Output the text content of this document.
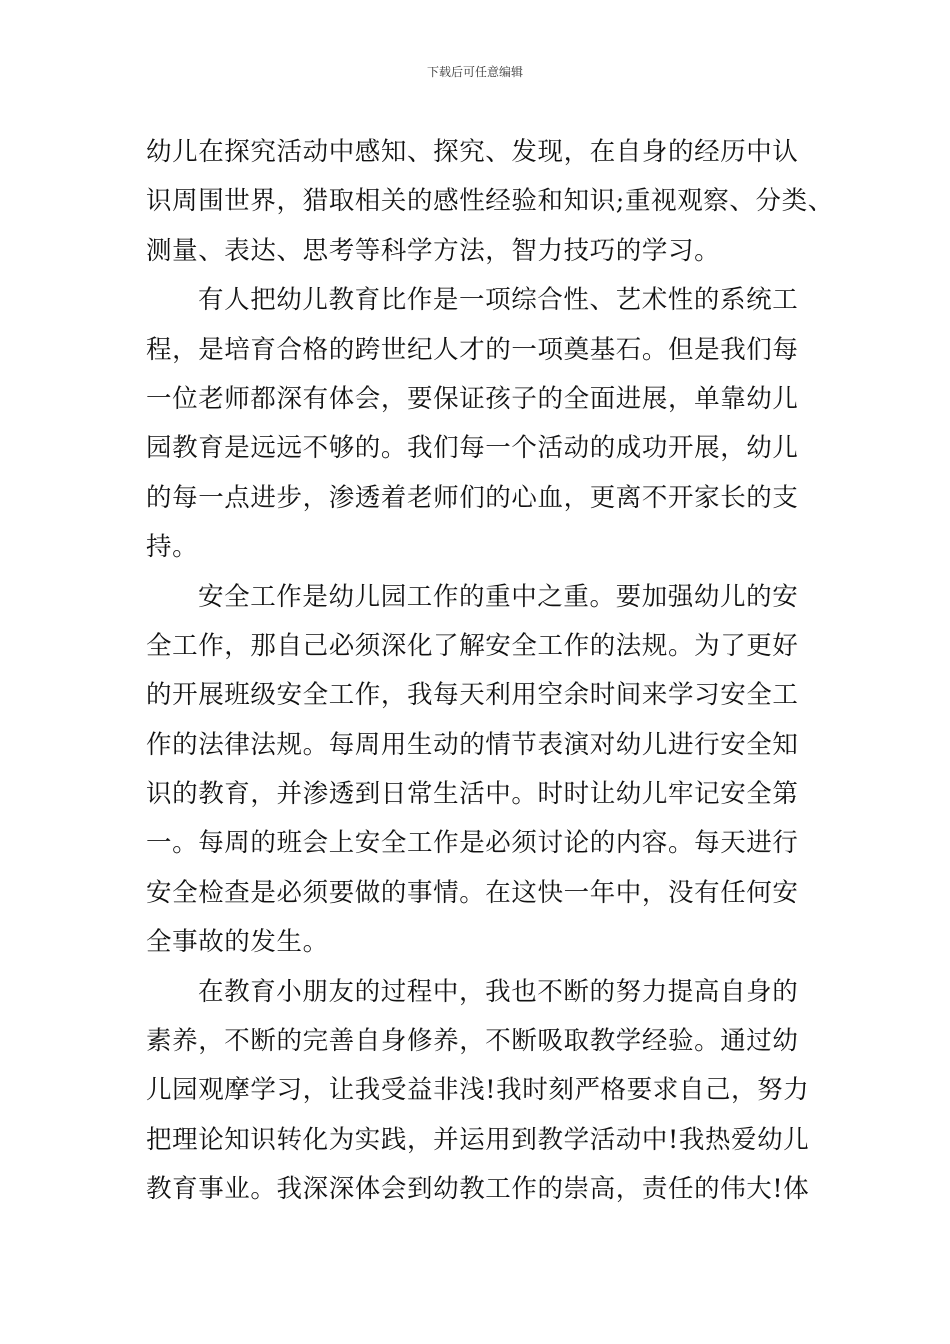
下载后可任意编辑
幼儿在探究活动中感知、探究、发现，在自身的经历中认
识周围世界，猎取相关的感性经验和知识;重视观察、分类、
测量、表达、思考等科学方法，智力技巧的学习。
有人把幼儿教育比作是一项综合性、艺术性的系统工
程，是培育合格的跨世纪人才的一项奠基石。但是我们每
一位老师都深有体会，要保证孩子的全面进展，单靠幼儿
园教育是远远不够的。我们每一个活动的成功开展，幼儿
的每一点进步，渗透着老师们的心血，更离不开家长的支
持。
安全工作是幼儿园工作的重中之重。要加强幼儿的安
全工作，那自己必须深化了解安全工作的法规。为了更好
的开展班级安全工作，我每天利用空余时间来学习安全工
作的法律法规。每周用生动的情节表演对幼儿进行安全知
识的教育，并渗透到日常生活中。时时让幼儿牢记安全第
一。每周的班会上安全工作是必须讨论的内容。每天进行
安全检查是必须要做的事情。在这快一年中，没有任何安
全事故的发生。
在教育小朋友的过程中，我也不断的努力提高自身的
素养，不断的完善自身修养，不断吸取教学经验。通过幼
儿园观摩学习，让我受益非浅!我时刻严格要求自己，努力
把理论知识转化为实践，并运用到教学活动中!我热爱幼儿
教育事业。我深深体会到幼教工作的崇高，责任的伟大!体
